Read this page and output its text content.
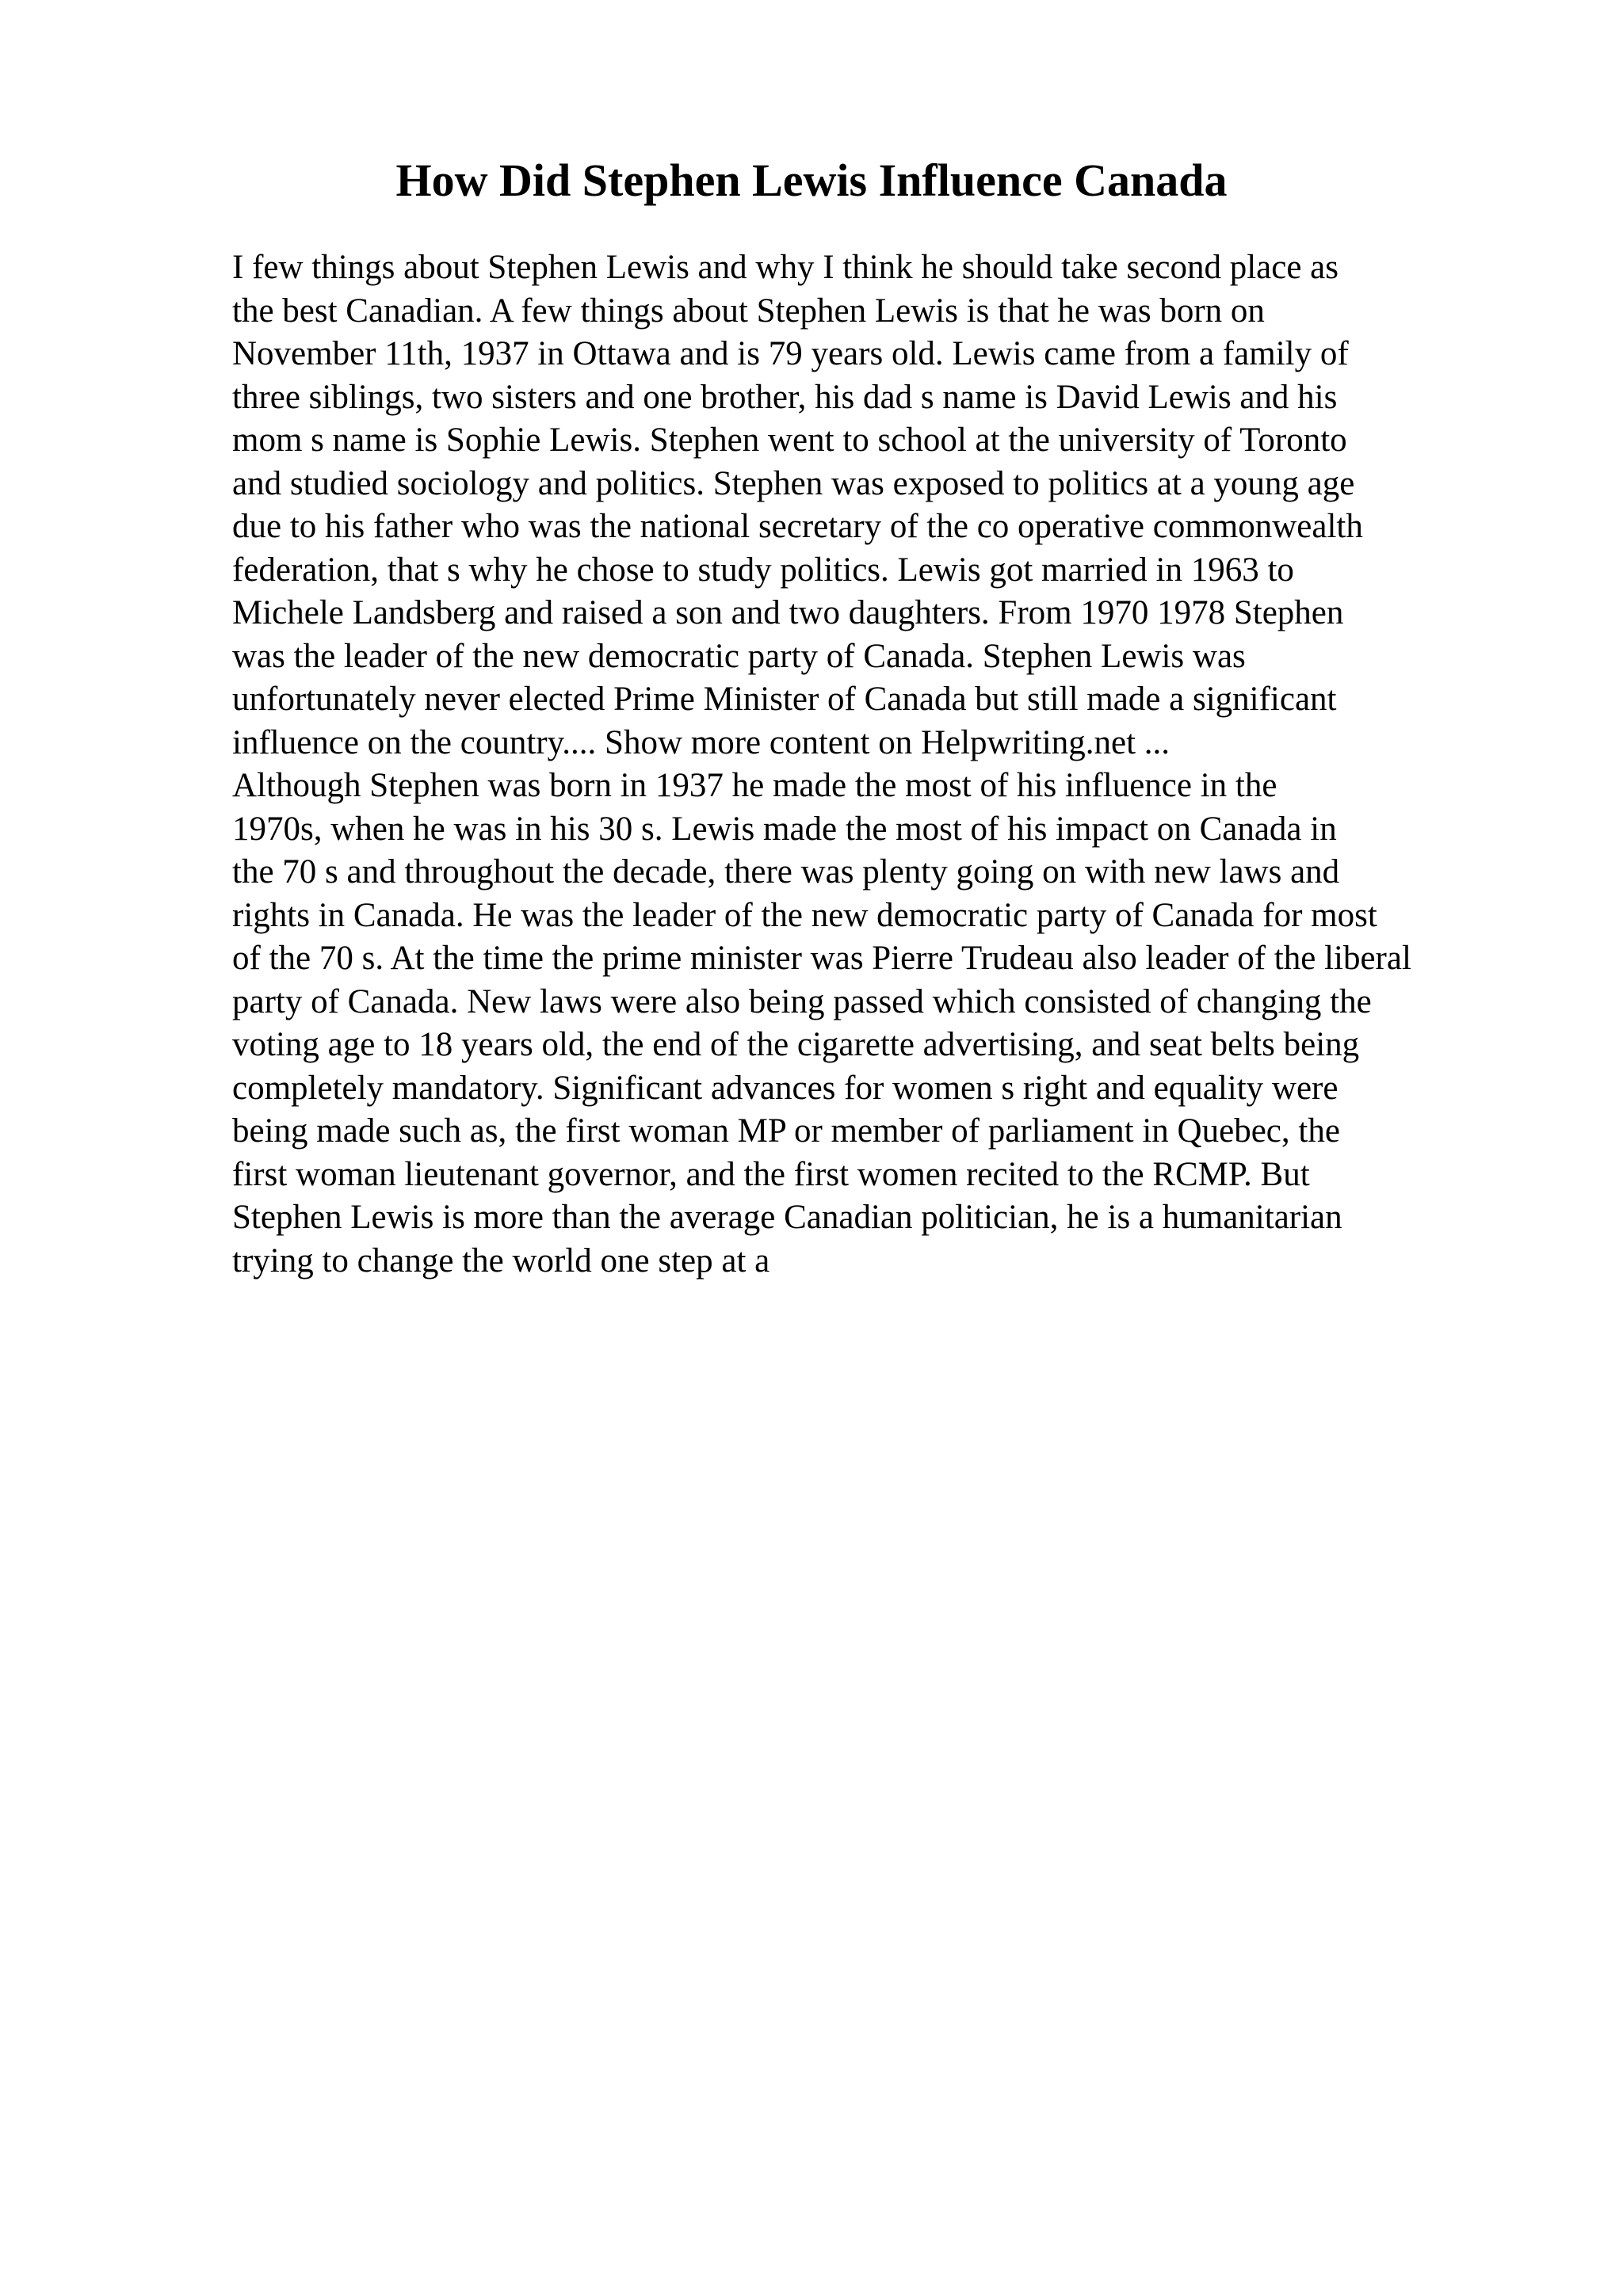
How Did Stephen Lewis Influence Canada
I few things about Stephen Lewis and why I think he should take second place as
the best Canadian. A few things about Stephen Lewis is that he was born on
November 11th, 1937 in Ottawa and is 79 years old. Lewis came from a family of
three siblings, two sisters and one brother, his dad s name is David Lewis and his
mom s name is Sophie Lewis. Stephen went to school at the university of Toronto
and studied sociology and politics. Stephen was exposed to politics at a young age
due to his father who was the national secretary of the co operative commonwealth
federation, that s why he chose to study politics. Lewis got married in 1963 to
Michele Landsberg and raised a son and two daughters. From 1970 1978 Stephen
was the leader of the new democratic party of Canada. Stephen Lewis was
unfortunately never elected Prime Minister of Canada but still made a significant
influence on the country.... Show more content on Helpwriting.net ...
Although Stephen was born in 1937 he made the most of his influence in the
1970s, when he was in his 30 s. Lewis made the most of his impact on Canada in
the 70 s and throughout the decade, there was plenty going on with new laws and
rights in Canada. He was the leader of the new democratic party of Canada for most
of the 70 s. At the time the prime minister was Pierre Trudeau also leader of the liberal
party of Canada. New laws were also being passed which consisted of changing the
voting age to 18 years old, the end of the cigarette advertising, and seat belts being
completely mandatory. Significant advances for women s right and equality were
being made such as, the first woman MP or member of parliament in Quebec, the
first woman lieutenant governor, and the first women recited to the RCMP. But
Stephen Lewis is more than the average Canadian politician, he is a humanitarian
trying to change the world one step at a
